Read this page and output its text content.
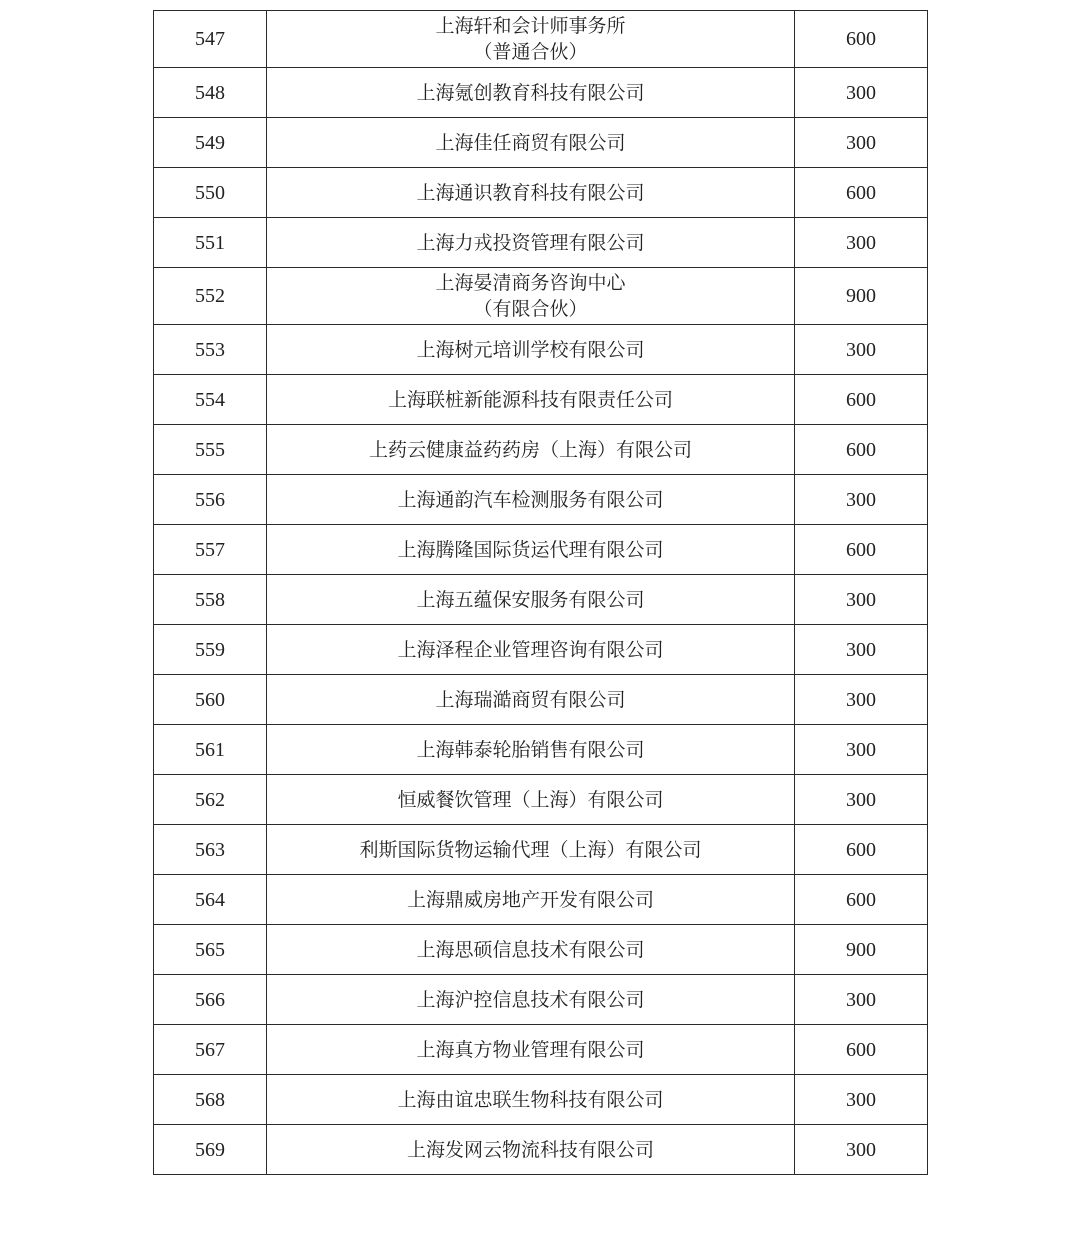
547	上海轩和会计师事务所
（普通合伙）	600
548	上海氪创教育科技有限公司	300
549	上海佳任商贸有限公司	300
550	上海通识教育科技有限公司	600
551	上海力戎投资管理有限公司	300
552	上海晏清商务咨询中心
（有限合伙）	900
553	上海树元培训学校有限公司	300
554	上海联桩新能源科技有限责任公司	600
555	上药云健康益药药房（上海）有限公司	600
556	上海通韵汽车检测服务有限公司	300
557	上海腾隆国际货运代理有限公司	600
558	上海五蕴保安服务有限公司	300
559	上海泽程企业管理咨询有限公司	300
560	上海瑞澔商贸有限公司	300
561	上海韩泰轮胎销售有限公司	300
562	恒威餐饮管理（上海）有限公司	300
563	利斯国际货物运输代理（上海）有限公司	600
564	上海鼎威房地产开发有限公司	600
565	上海思硕信息技术有限公司	900
566	上海沪控信息技术有限公司	300
567	上海真方物业管理有限公司	600
568	上海由谊忠联生物科技有限公司	300
569	上海发网云物流科技有限公司	300
